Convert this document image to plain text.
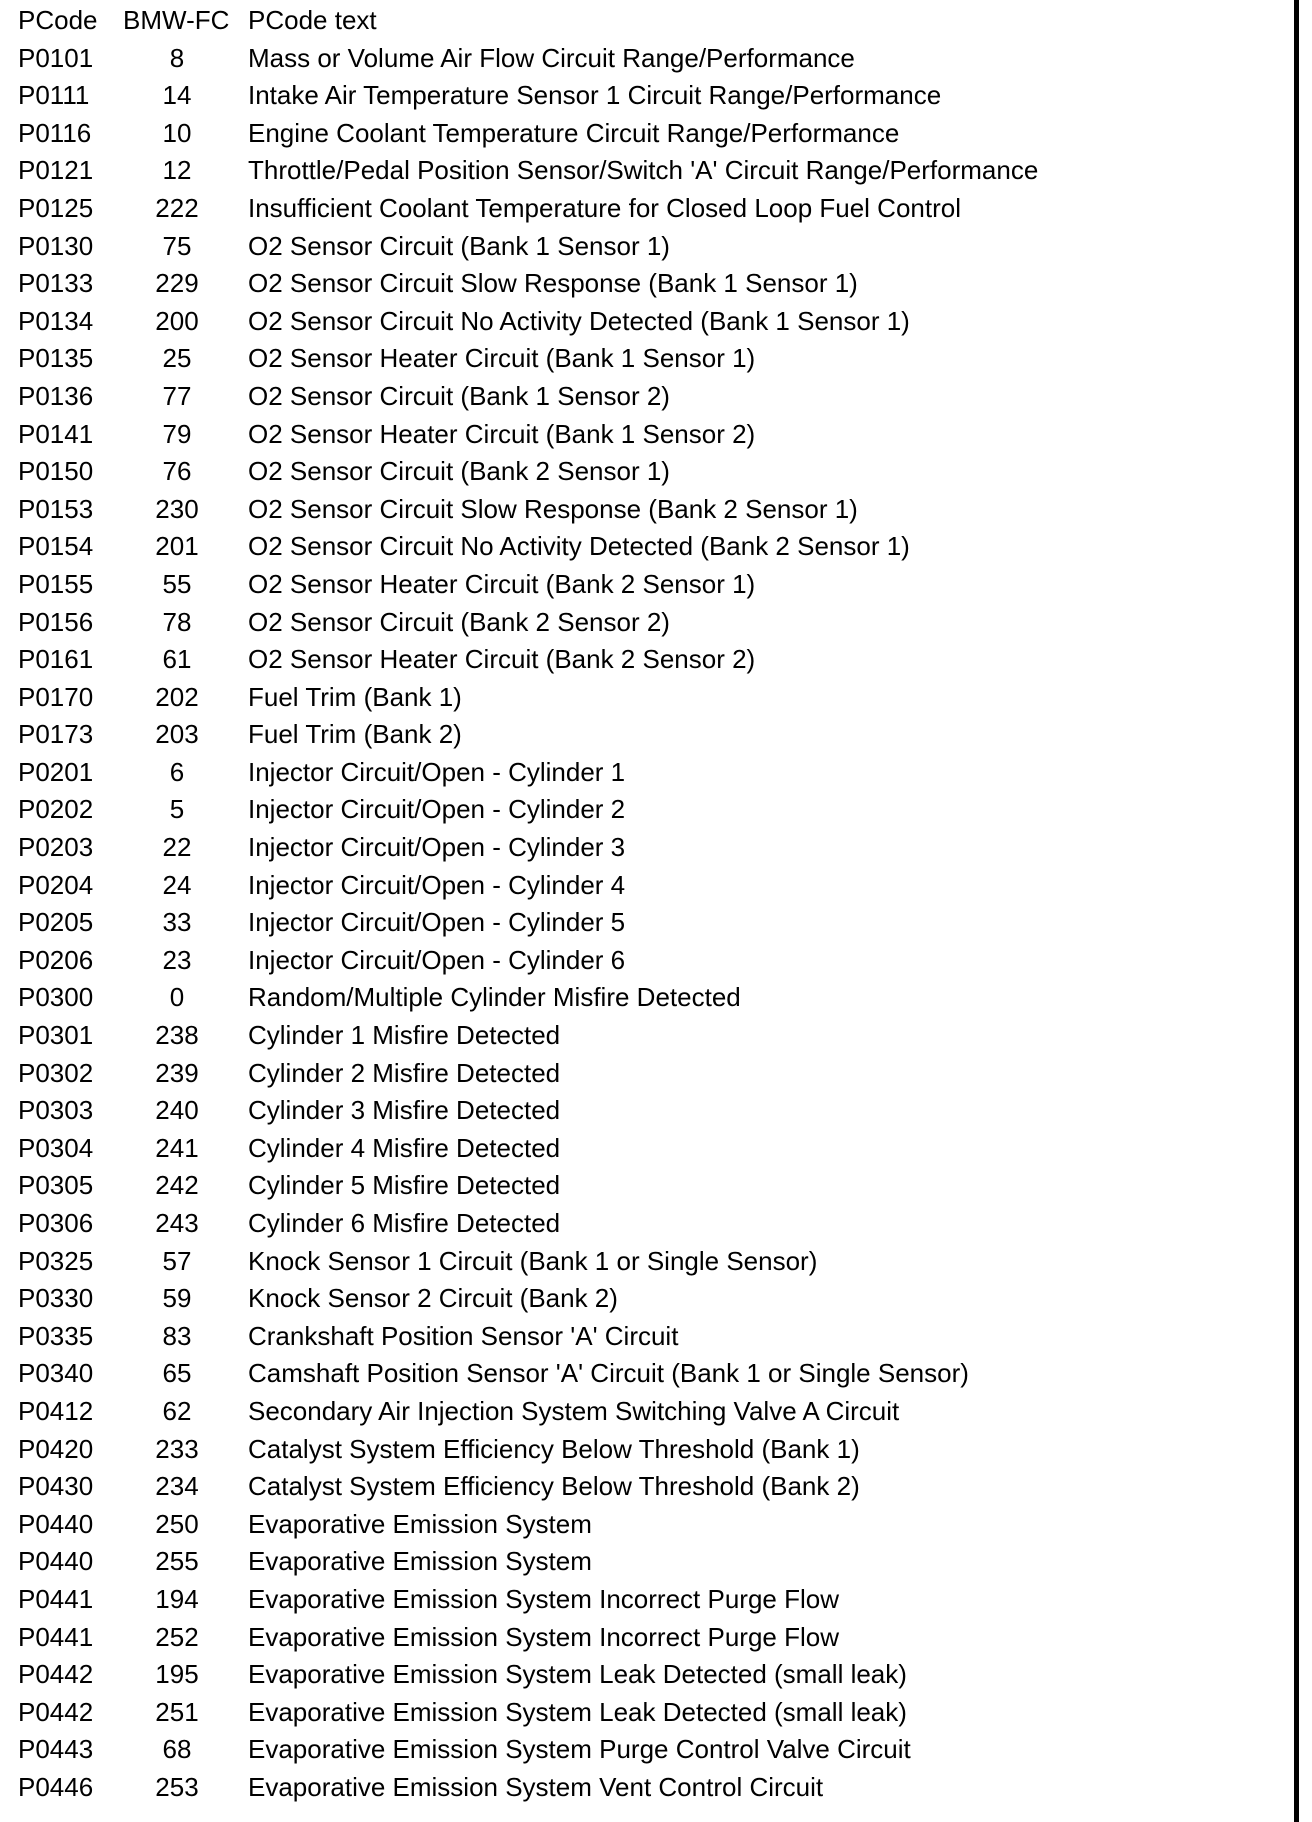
PCode BMW-FC PCode text
P0101	8	Mass or Volume Air Flow Circuit Range/Performance
P0111	14	Intake Air Temperature Sensor 1 Circuit Range/Performance
P0116	10	Engine Coolant Temperature Circuit Range/Performance
P0121	12	Throttle/Pedal Position Sensor/Switch 'A' Circuit Range/Performance
P0125	222	Insufficient Coolant Temperature for Closed Loop Fuel Control
P0130	75	O2 Sensor Circuit (Bank 1 Sensor 1)
P0133	229	O2 Sensor Circuit Slow Response (Bank 1 Sensor 1)
P0134	200	O2 Sensor Circuit No Activity Detected (Bank 1 Sensor 1)
P0135	25	O2 Sensor Heater Circuit (Bank 1 Sensor 1)
P0136	77	O2 Sensor Circuit (Bank 1 Sensor 2)
P0141	79	O2 Sensor Heater Circuit (Bank 1 Sensor 2)
P0150	76	O2 Sensor Circuit (Bank 2 Sensor 1)
P0153	230	O2 Sensor Circuit Slow Response (Bank 2 Sensor 1)
P0154	201	O2 Sensor Circuit No Activity Detected (Bank 2 Sensor 1)
P0155	55	O2 Sensor Heater Circuit (Bank 2 Sensor 1)
P0156	78	O2 Sensor Circuit (Bank 2 Sensor 2)
P0161	61	O2 Sensor Heater Circuit (Bank 2 Sensor 2)
P0170	202	Fuel Trim (Bank 1)
P0173	203	Fuel Trim (Bank 2)
P0201	6	Injector Circuit/Open - Cylinder 1
P0202	5	Injector Circuit/Open - Cylinder 2
P0203	22	Injector Circuit/Open - Cylinder 3
P0204	24	Injector Circuit/Open - Cylinder 4
P0205	33	Injector Circuit/Open - Cylinder 5
P0206	23	Injector Circuit/Open - Cylinder 6
P0300	0	Random/Multiple Cylinder Misfire Detected
P0301	238	Cylinder 1 Misfire Detected
P0302	239	Cylinder 2 Misfire Detected
P0303	240	Cylinder 3 Misfire Detected
P0304	241	Cylinder 4 Misfire Detected
P0305	242	Cylinder 5 Misfire Detected
P0306	243	Cylinder 6 Misfire Detected
P0325	57	Knock Sensor 1 Circuit (Bank 1 or Single Sensor)
P0330	59	Knock Sensor 2 Circuit (Bank 2)
P0335	83	Crankshaft Position Sensor 'A' Circuit
P0340	65	Camshaft Position Sensor 'A' Circuit (Bank 1 or Single Sensor)
P0412	62	Secondary Air Injection System Switching Valve A Circuit
P0420	233	Catalyst System Efficiency Below Threshold (Bank 1)
P0430	234	Catalyst System Efficiency Below Threshold (Bank 2)
P0440	250	Evaporative Emission System
P0440	255	Evaporative Emission System
P0441	194	Evaporative Emission System Incorrect Purge Flow
P0441	252	Evaporative Emission System Incorrect Purge Flow
P0442	195	Evaporative Emission System Leak Detected (small leak)
P0442	251	Evaporative Emission System Leak Detected (small leak)
P0443	68	Evaporative Emission System Purge Control Valve Circuit
P0446	253	Evaporative Emission System Vent Control Circuit
